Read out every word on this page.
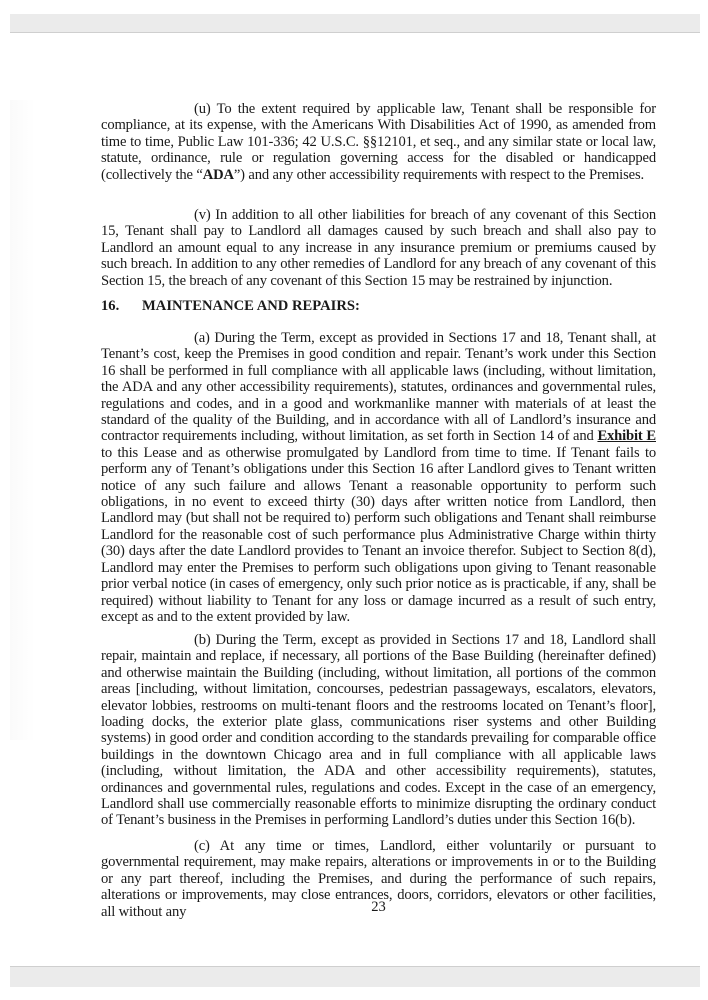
(u) To the extent required by applicable law, Tenant shall be responsible for compliance, at its expense, with the Americans With Disabilities Act of 1990, as amended from time to time, Public Law 101-336; 42 U.S.C. §§12101, et seq., and any similar state or local law, statute, ordinance, rule or regulation governing access for the disabled or handicapped (collectively the “ADA”) and any other accessibility requirements with respect to the Premises.

(v) In addition to all other liabilities for breach of any covenant of this Section 15, Tenant shall pay to Landlord all damages caused by such breach and shall also pay to Landlord an amount equal to any increase in any insurance premium or premiums caused by such breach. In addition to any other remedies of Landlord for any breach of any covenant of this Section 15, the breach of any covenant of this Section 15 may be restrained by injunction.

16. MAINTENANCE AND REPAIRS:

(a) During the Term, except as provided in Sections 17 and 18, Tenant shall, at Tenant’s cost, keep the Premises in good condition and repair. Tenant’s work under this Section 16 shall be performed in full compliance with all applicable laws (including, without limitation, the ADA and any other accessibility requirements), statutes, ordinances and governmental rules, regulations and codes, and in a good and workmanlike manner with materials of at least the standard of the quality of the Building, and in accordance with all of Landlord’s insurance and contractor requirements including, without limitation, as set forth in Section 14 of and Exhibit E to this Lease and as otherwise promulgated by Landlord from time to time. If Tenant fails to perform any of Tenant’s obligations under this Section 16 after Landlord gives to Tenant written notice of any such failure and allows Tenant a reasonable opportunity to perform such obligations, in no event to exceed thirty (30) days after written notice from Landlord, then Landlord may (but shall not be required to) perform such obligations and Tenant shall reimburse Landlord for the reasonable cost of such performance plus Administrative Charge within thirty (30) days after the date Landlord provides to Tenant an invoice therefor. Subject to Section 8(d), Landlord may enter the Premises to perform such obligations upon giving to Tenant reasonable prior verbal notice (in cases of emergency, only such prior notice as is practicable, if any, shall be required) without liability to Tenant for any loss or damage incurred as a result of such entry, except as and to the extent provided by law.

(b) During the Term, except as provided in Sections 17 and 18, Landlord shall repair, maintain and replace, if necessary, all portions of the Base Building (hereinafter defined) and otherwise maintain the Building (including, without limitation, all portions of the common areas [including, without limitation, concourses, pedestrian passageways, escalators, elevators, elevator lobbies, restrooms on multi-tenant floors and the restrooms located on Tenant’s floor], loading docks, the exterior plate glass, communications riser systems and other Building systems) in good order and condition according to the standards prevailing for comparable office buildings in the downtown Chicago area and in full compliance with all applicable laws (including, without limitation, the ADA and other accessibility requirements), statutes, ordinances and governmental rules, regulations and codes. Except in the case of an emergency, Landlord shall use commercially reasonable efforts to minimize disrupting the ordinary conduct of Tenant’s business in the Premises in performing Landlord’s duties under this Section 16(b).

(c) At any time or times, Landlord, either voluntarily or pursuant to governmental requirement, may make repairs, alterations or improvements in or to the Building or any part thereof, including the Premises, and during the performance of such repairs, alterations or improvements, may close entrances, doors, corridors, elevators or other facilities, all without any	23
